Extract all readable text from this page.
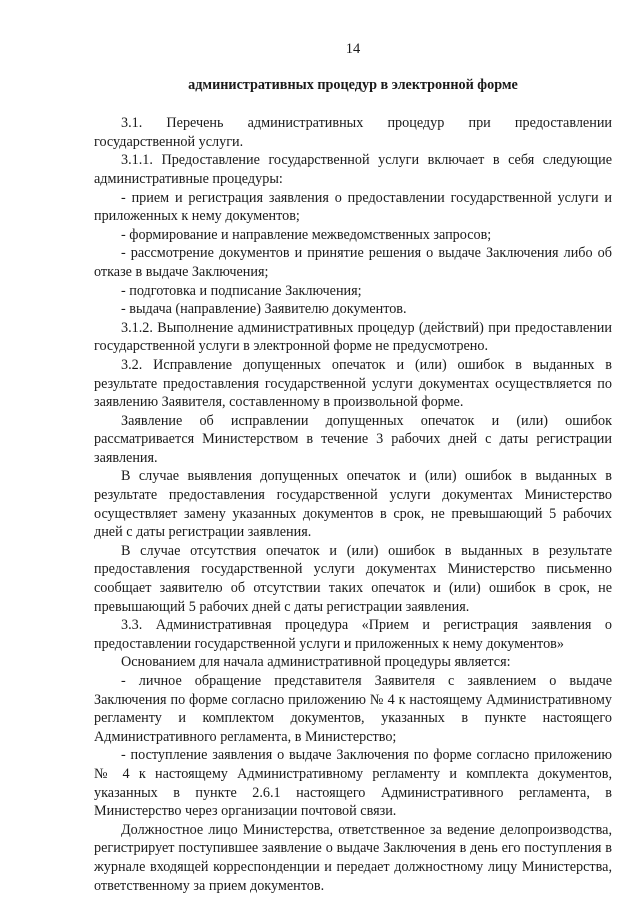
14
административных процедур в электронной форме

3.1. Перечень административных процедур при предоставлении государственной услуги.

3.1.1. Предоставление государственной услуги включает в себя следующие административные процедуры:

- прием и регистрация заявления о предоставлении государственной услуги и приложенных к нему документов;

- формирование и направление межведомственных запросов;

- рассмотрение документов и принятие решения о выдаче Заключения либо об отказе в выдаче Заключения;

- подготовка и подписание Заключения;

- выдача (направление) Заявителю документов.

3.1.2. Выполнение административных процедур (действий) при предоставлении государственной услуги в электронной форме не предусмотрено.

3.2. Исправление допущенных опечаток и (или) ошибок в выданных в результате предоставления государственной услуги документах осуществляется по заявлению Заявителя, составленному в произвольной форме.

Заявление об исправлении допущенных опечаток и (или) ошибок рассматривается Министерством в течение 3 рабочих дней с даты регистрации заявления.

В случае выявления допущенных опечаток и (или) ошибок в выданных в результате предоставления государственной услуги документах Министерство осуществляет замену указанных документов в срок, не превышающий 5 рабочих дней с даты регистрации заявления.

В случае отсутствия опечаток и (или) ошибок в выданных в результате предоставления государственной услуги документах Министерство письменно сообщает заявителю об отсутствии таких опечаток и (или) ошибок в срок, не превышающий 5 рабочих дней с даты регистрации заявления.

3.3. Административная процедура «Прием и регистрация заявления о предоставлении государственной услуги и приложенных к нему документов»

Основанием для начала административной процедуры является:

- личное обращение представителя Заявителя с заявлением о выдаче Заключения по форме согласно приложению № 4 к настоящему Административному регламенту и комплектом документов, указанных в пункте настоящего Административного регламента, в Министерство;

- поступление заявления о выдаче Заключения по форме согласно приложению № 4 к настоящему Административному регламенту и комплекта документов, указанных в пункте 2.6.1 настоящего Административного регламента, в Министерство через организации почтовой связи.

Должностное лицо Министерства, ответственное за ведение делопроизводства, регистрирует поступившее заявление о выдаче Заключения в день его поступления в журнале входящей корреспонденции и передает должностному лицу Министерства, ответственному за прием документов.
